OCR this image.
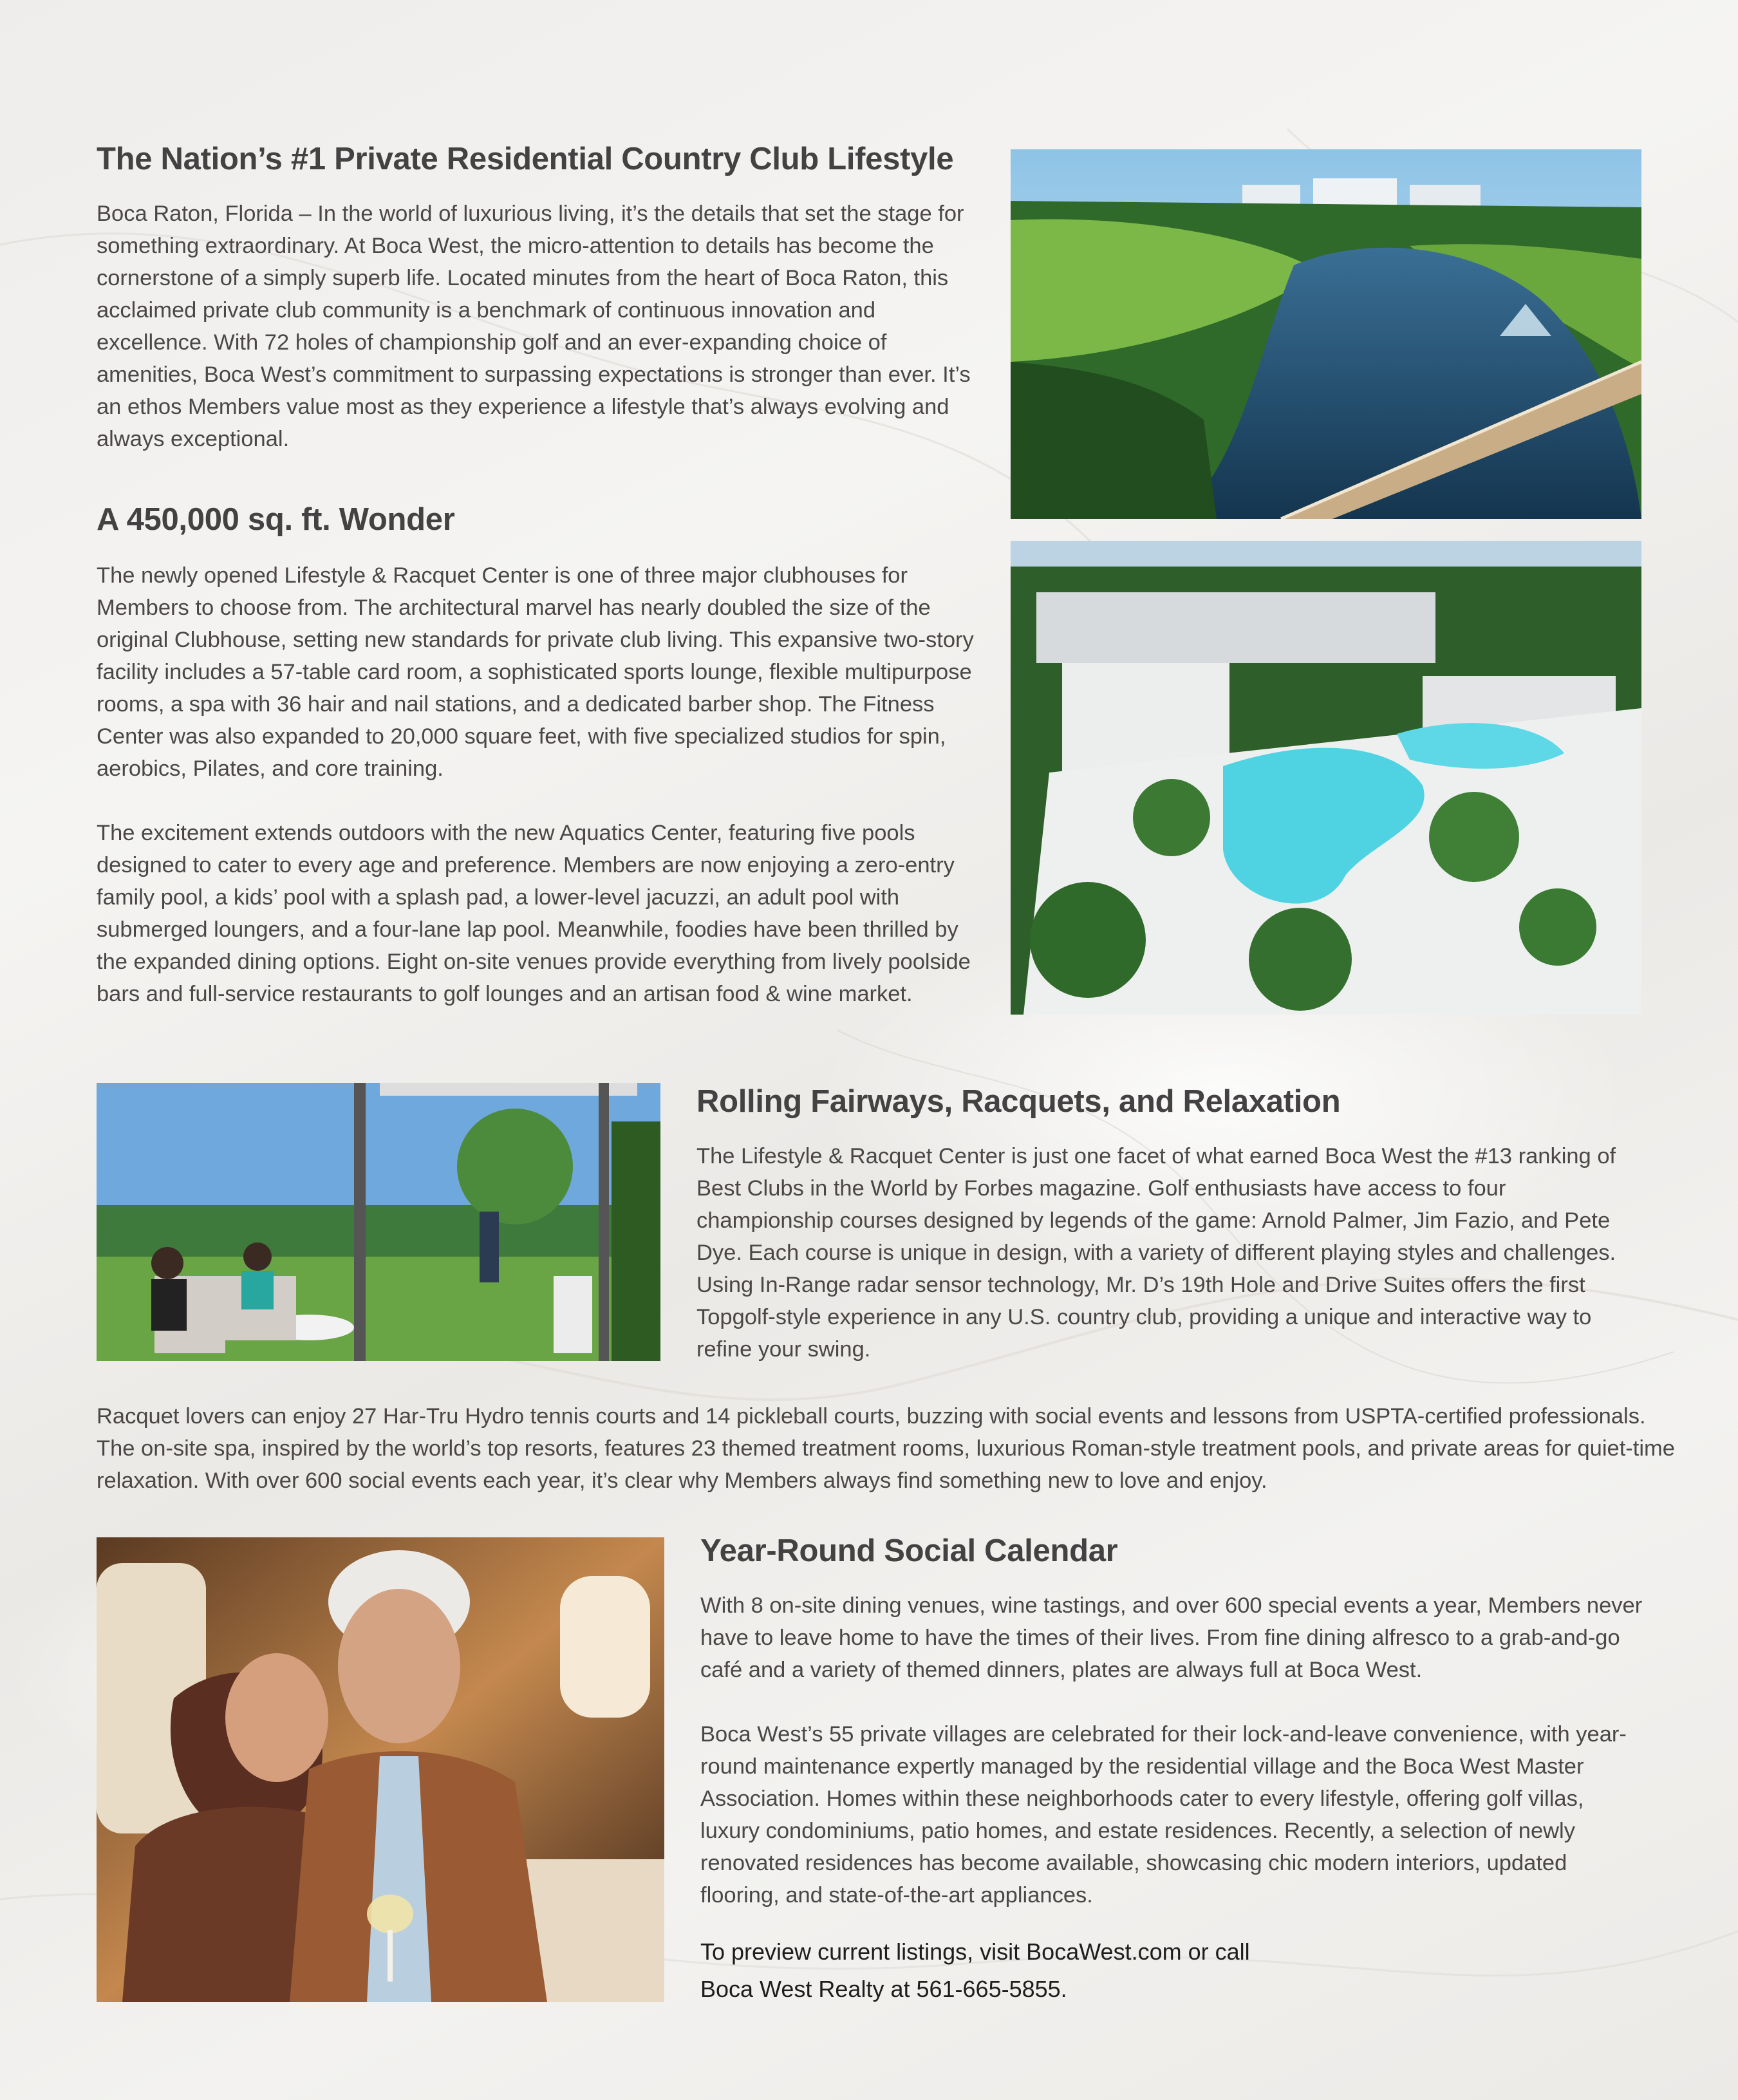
The Nation’s #1 Private Residential Country Club Lifestyle

Boca Raton, Florida – In the world of luxurious living, it’s the details that set the stage for something extraordinary. At Boca West, the micro-attention to details has become the cornerstone of a simply superb life. Located minutes from the heart of Boca Raton, this acclaimed private club community is a benchmark of continuous innovation and excellence. With 72 holes of championship golf and an ever-expanding choice of amenities, Boca West’s commitment to surpassing expectations is stronger than ever. It’s an ethos Members value most as they experience a lifestyle that’s always evolving and always exceptional.

A 450,000 sq. ft. Wonder

The newly opened Lifestyle & Racquet Center is one of three major clubhouses for Members to choose from. The architectural marvel has nearly doubled the size of the original Clubhouse, setting new standards for private club living. This expansive two-story facility includes a 57-table card room, a sophisticated sports lounge, flexible multipurpose rooms, a spa with 36 hair and nail stations, and a dedicated barber shop. The Fitness Center was also expanded to 20,000 square feet, with five specialized studios for spin, aerobics, Pilates, and core training.

The excitement extends outdoors with the new Aquatics Center, featuring five pools designed to cater to every age and preference. Members are now enjoying a zero-entry family pool, a kids’ pool with a splash pad, a lower-level jacuzzi, an adult pool with submerged loungers, and a four-lane lap pool. Meanwhile, foodies have been thrilled by the expanded dining options. Eight on-site venues provide everything from lively poolside bars and full-service restaurants to golf lounges and an artisan food & wine market.

Rolling Fairways, Racquets, and Relaxation

The Lifestyle & Racquet Center is just one facet of what earned Boca West the #13 ranking of Best Clubs in the World by Forbes magazine. Golf enthusiasts have access to four championship courses designed by legends of the game: Arnold Palmer, Jim Fazio, and Pete Dye. Each course is unique in design, with a variety of different playing styles and challenges. Using In-Range radar sensor technology, Mr. D’s 19th Hole and Drive Suites offers the first Topgolf-style experience in any U.S. country club, providing a unique and interactive way to refine your swing.

Racquet lovers can enjoy 27 Har-Tru Hydro tennis courts and 14 pickleball courts, buzzing with social events and lessons from USPTA-certified professionals. The on-site spa, inspired by the world’s top resorts, features 23 themed treatment rooms, luxurious Roman-style treatment pools, and private areas for quiet-time relaxation. With over 600 social events each year, it’s clear why Members always find something new to love and enjoy.

Year-Round Social Calendar

With 8 on-site dining venues, wine tastings, and over 600 special events a year, Members never have to leave home to have the times of their lives. From fine dining alfresco to a grab-and-go café and a variety of themed dinners, plates are always full at Boca West.

Boca West’s 55 private villages are celebrated for their lock-and-leave convenience, with year-round maintenance expertly managed by the residential village and the Boca West Master Association. Homes within these neighborhoods cater to every lifestyle, offering golf villas, luxury condominiums, patio homes, and estate residences. Recently, a selection of newly renovated residences has become available, showcasing chic modern interiors, updated flooring, and state-of-the-art appliances.

To preview current listings, visit BocaWest.com or call

Boca West Realty at 561-665-5855.
